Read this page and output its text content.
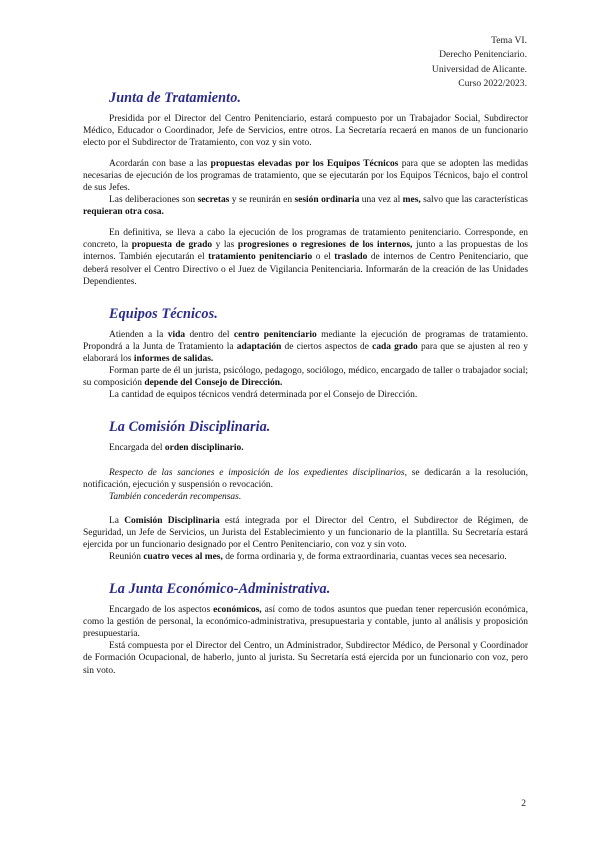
Tema VI.
Derecho Penitenciario.
Universidad de Alicante.
Curso 2022/2023.
Junta de Tratamiento.

Presidida por el Director del Centro Penitenciario, estará compuesto por un Trabajador Social, Subdirector Médico, Educador o Coordinador, Jefe de Servicios, entre otros. La Secretaría recaerá en manos de un funcionario electo por el Subdirector de Tratamiento, con voz y sin voto.

Acordarán con base a las propuestas elevadas por los Equipos Técnicos para que se adopten las medidas necesarias de ejecución de los programas de tratamiento, que se ejecutarán por los Equipos Técnicos, bajo el control de sus Jefes.

Las deliberaciones son secretas y se reunirán en sesión ordinaria una vez al mes, salvo que las características requieran otra cosa.

En definitiva, se lleva a cabo la ejecución de los programas de tratamiento penitenciario. Corresponde, en concreto, la propuesta de grado y las progresiones o regresiones de los internos, junto a las propuestas de los internos. También ejecutarán el tratamiento penitenciario o el traslado de internos de Centro Penitenciario, que deberá resolver el Centro Directivo o el Juez de Vigilancia Penitenciaria. Informarán de la creación de las Unidades Dependientes.

Equipos Técnicos.

Atienden a la vida dentro del centro penitenciario mediante la ejecución de programas de tratamiento. Propondrá a la Junta de Tratamiento la adaptación de ciertos aspectos de cada grado para que se ajusten al reo y elaborará los informes de salidas.

Forman parte de él un jurista, psicólogo, pedagogo, sociólogo, médico, encargado de taller o trabajador social; su composición depende del Consejo de Dirección.

La cantidad de equipos técnicos vendrá determinada por el Consejo de Dirección.

La Comisión Disciplinaria.

Encargada del orden disciplinario.

Respecto de las sanciones e imposición de los expedientes disciplinarios, se dedicarán a la resolución, notificación, ejecución y suspensión o revocación.

También concederán recompensas.

La Comisión Disciplinaria está integrada por el Director del Centro, el Subdirector de Régimen, de Seguridad, un Jefe de Servicios, un Jurista del Establecimiento y un funcionario de la plantilla. Su Secretaría estará ejercida por un funcionario designado por el Centro Penitenciario, con voz y sin voto.

Reunión cuatro veces al mes, de forma ordinaria y, de forma extraordinaria, cuantas veces sea necesario.

La Junta Económico-Administrativa.

Encargado de los aspectos económicos, así como de todos asuntos que puedan tener repercusión económica, como la gestión de personal, la económico-administrativa, presupuestaria y contable, junto al análisis y proposición presupuestaria.

Está compuesta por el Director del Centro, un Administrador, Subdirector Médico, de Personal y Coordinador de Formación Ocupacional, de haberlo, junto al jurista. Su Secretaría está ejercida por un funcionario con voz, pero sin voto.

2
